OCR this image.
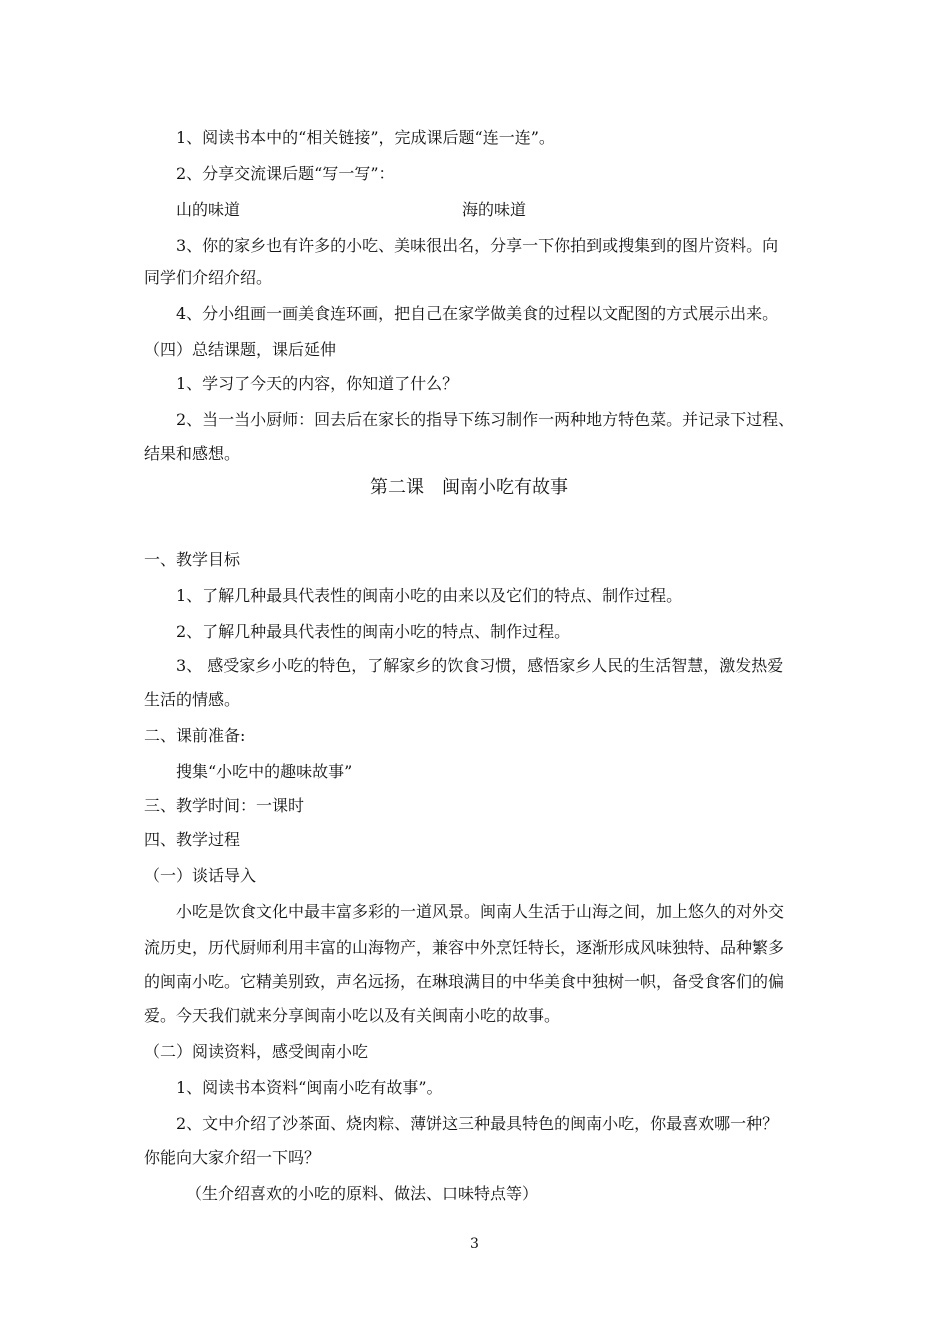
1、阅读书本中的“相关链接”，完成课后题“连一连”。
2、分享交流课后题“写一写”：
山的味道	海的味道
3、你的家乡也有许多的小吃、美味很出名，分享一下你拍到或搜集到的图片资料。向
同学们介绍介绍。
4、分小组画一画美食连环画，把自己在家学做美食的过程以文配图的方式展示出来。
（四）总结课题，课后延伸
1、学习了今天的内容，你知道了什么？
2、当一当小厨师：回去后在家长的指导下练习制作一两种地方特色菜。并记录下过程、
结果和感想。
第二课　闽南小吃有故事
一、教学目标
1、了解几种最具代表性的闽南小吃的由来以及它们的特点、制作过程。
2、了解几种最具代表性的闽南小吃的特点、制作过程。
3、 感受家乡小吃的特色，了解家乡的饮食习惯，感悟家乡人民的生活智慧，激发热爱
生活的情感。
二、课前准备:
搜集“小吃中的趣味故事”
三、教学时间：一课时
四、教学过程
（一）谈话导入
小吃是饮食文化中最丰富多彩的一道风景。闽南人生活于山海之间，加上悠久的对外交
流历史，历代厨师利用丰富的山海物产，兼容中外烹饪特长，逐渐形成风味独特、品种繁多
的闽南小吃。它精美别致，声名远扬，在琳琅满目的中华美食中独树一帜，备受食客们的偏
爱。今天我们就来分享闽南小吃以及有关闽南小吃的故事。
（二）阅读资料，感受闽南小吃
1、阅读书本资料“闽南小吃有故事”。
2、文中介绍了沙茶面、烧肉粽、薄饼这三种最具特色的闽南小吃，你最喜欢哪一种？
你能向大家介绍一下吗？
（生介绍喜欢的小吃的原料、做法、口味特点等）
3
